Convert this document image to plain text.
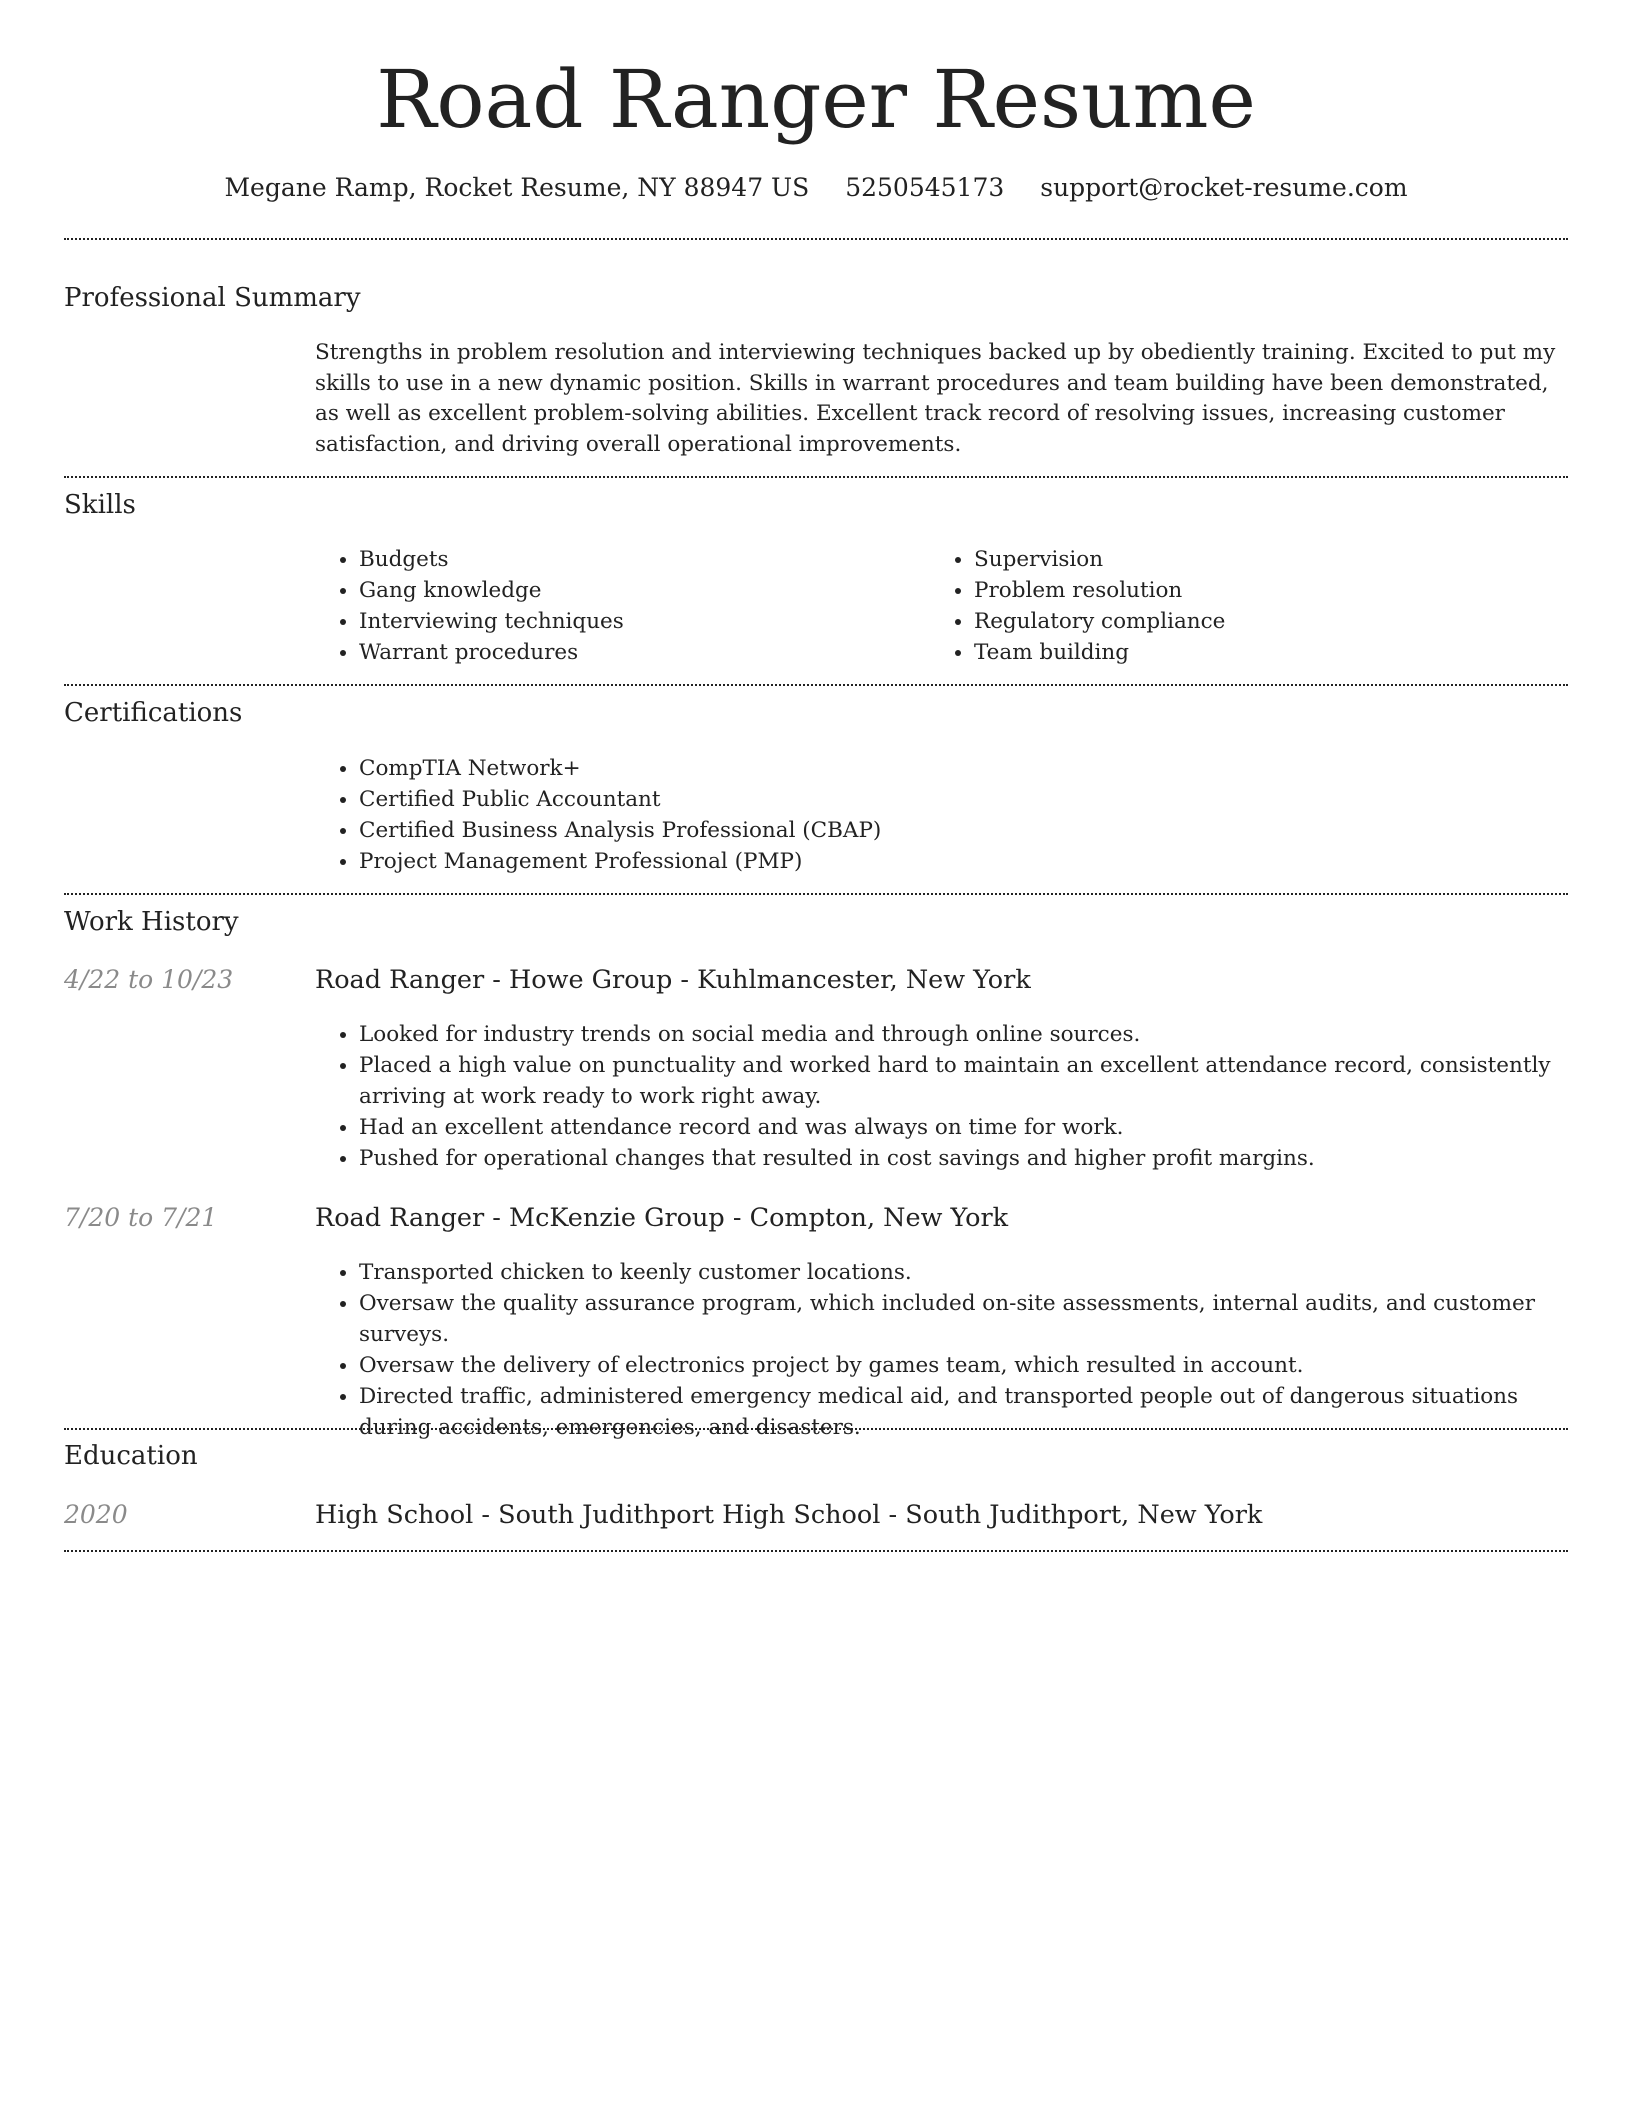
Road Ranger Resume
Megane Ramp, Rocket Resume, NY 88947 US 5250545173 support@rocket-resume.com
Professional Summary
Strengths in problem resolution and interviewing techniques backed up by obediently training. Excited to put my skills to use in a new dynamic position. Skills in warrant procedures and team building have been demonstrated, as well as excellent problem-solving abilities. Excellent track record of resolving issues, increasing customer satisfaction, and driving overall operational improvements.
Skills
• Budgets
• Gang knowledge
• Interviewing techniques
• Warrant procedures
• Supervision
• Problem resolution
• Regulatory compliance
• Team building
Certifications
• CompTIA Network+
• Certified Public Accountant
• Certified Business Analysis Professional (CBAP)
• Project Management Professional (PMP)
Work History
4/22 to 10/23	Road Ranger - Howe Group - Kuhlmancester, New York
• Looked for industry trends on social media and through online sources.
• Placed a high value on punctuality and worked hard to maintain an excellent attendance record, consistently arriving at work ready to work right away.
• Had an excellent attendance record and was always on time for work.
• Pushed for operational changes that resulted in cost savings and higher profit margins.
7/20 to 7/21	Road Ranger - McKenzie Group - Compton, New York
• Transported chicken to keenly customer locations.
• Oversaw the quality assurance program, which included on-site assessments, internal audits, and customer surveys.
• Oversaw the delivery of electronics project by games team, which resulted in account.
• Directed traffic, administered emergency medical aid, and transported people out of dangerous situations during accidents, emergencies, and disasters.
Education
2020	High School - South Judithport High School - South Judithport, New York
